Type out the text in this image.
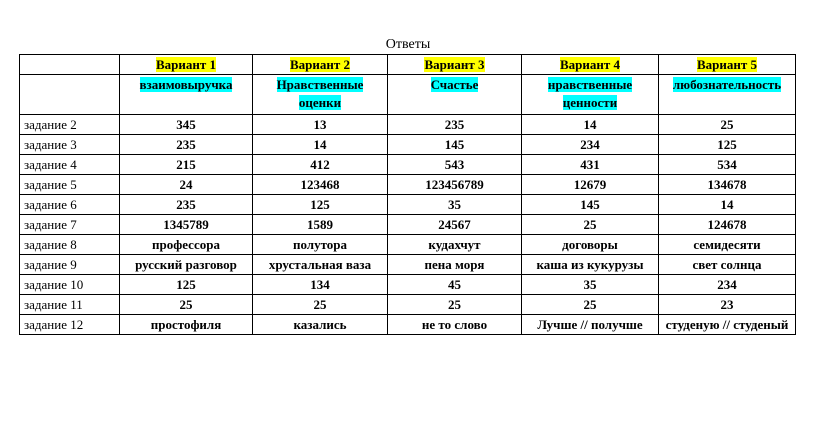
Ответы
	Вариант 1	Вариант 2	Вариант 3	Вариант 4	Вариант 5
	взаимовыручка	Нравственные оценки	Счастье	нравственные ценности	любознательность
задание 2	345	13	235	14	25
задание 3	235	14	145	234	125
задание 4	215	412	543	431	534
задание 5	24	123468	123456789	12679	134678
задание 6	235	125	35	145	14
задание 7	1345789	1589	24567	25	124678
задание 8	профессора	полутора	кудахчут	договоры	семидесяти
задание 9	русский разговор	хрустальная ваза	пена моря	каша из кукурузы	свет солнца
задание 10	125	134	45	35	234
задание 11	25	25	25	25	23
задание 12	простофиля	казались	не то слово	Лучше // получше	студеную // студеный
